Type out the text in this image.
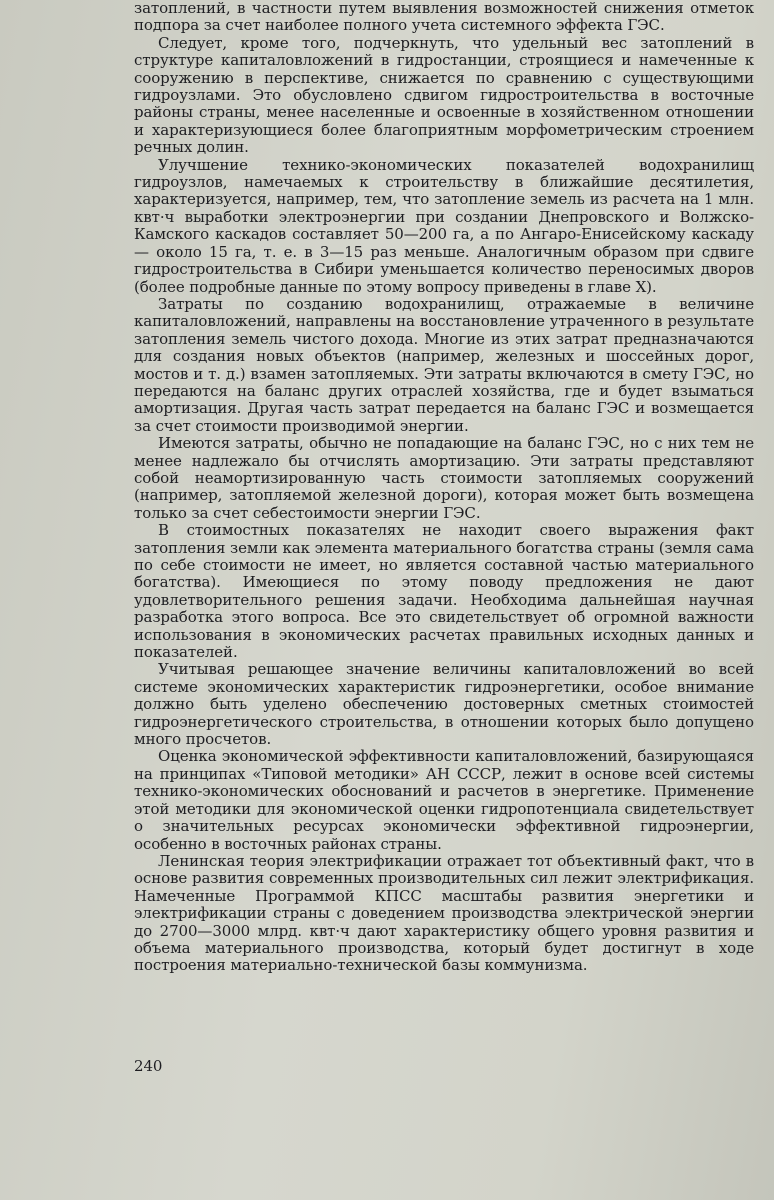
затоплений, в частности путем выявления возможностей снижения отметок подпора за счет наиболее полного учета системного эффекта ГЭС.

Следует, кроме того, подчеркнуть, что удельный вес затоплений в структуре капиталовложений в гидростанции, строящиеся и намеченные к сооружению в перспективе, снижается по сравнению с существующими гидроузлами. Это обусловлено сдвигом гидростроительства в восточные районы страны, менее населенные и освоенные в хозяйственном отношении и характеризующиеся более благоприятным морфометрическим строением речных долин.

Улучшение технико-экономических показателей водохранилищ гидроузлов, намечаемых к строительству в ближайшие десятилетия, характеризуется, например, тем, что затопление земель из расчета на 1 млн. квт·ч выработки электроэнергии при создании Днепровского и Волжско-Камского каскадов составляет 50—200 га, а по Ангаро-Енисейскому каскаду — около 15 га, т. е. в 3—15 раз меньше. Аналогичным образом при сдвиге гидростроительства в Сибири уменьшается количество переносимых дворов (более подробные данные по этому вопросу приведены в главе X).

Затраты по созданию водохранилищ, отражаемые в величине капиталовложений, направлены на восстановление утраченного в результате затопления земель чистого дохода. Многие из этих затрат предназначаются для создания новых объектов (например, железных и шоссейных дорог, мостов и т. д.) взамен затопляемых. Эти затраты включаются в смету ГЭС, но передаются на баланс других отраслей хозяйства, где и будет взыматься амортизация. Другая часть затрат передается на баланс ГЭС и возмещается за счет стоимости производимой энергии.

Имеются затраты, обычно не попадающие на баланс ГЭС, но с них тем не менее надлежало бы отчислять амортизацию. Эти затраты представляют собой неамортизированную часть стоимости затопляемых сооружений (например, затопляемой железной дороги), которая может быть возмещена только за счет себестоимости энергии ГЭС.

В стоимостных показателях не находит своего выражения факт затопления земли как элемента материального богатства страны (земля сама по себе стоимости не имеет, но является составной частью материального богатства). Имеющиеся по этому поводу предложения не дают удовлетворительного решения задачи. Необходима дальнейшая научная разработка этого вопроса. Все это свидетельствует об огромной важности использования в экономических расчетах правильных исходных данных и показателей.

Учитывая решающее значение величины капиталовложений во всей системе экономических характеристик гидроэнергетики, особое внимание должно быть уделено обеспечению достоверных сметных стоимостей гидроэнергетического строительства, в отношении которых было допущено много просчетов.

Оценка экономической эффективности капиталовложений, базирующаяся на принципах «Типовой методики» АН СССР, лежит в основе всей системы технико-экономических обоснований и расчетов в энергетике. Применение этой методики для экономической оценки гидропотенциала свидетельствует о значительных ресурсах экономически эффективной гидроэнергии, особенно в восточных районах страны.

Ленинская теория электрификации отражает тот объективный факт, что в основе развития современных производительных сил лежит электрификация. Намеченные Программой КПСС масштабы развития энергетики и электрификации страны с доведением производства электрической энергии до 2700—3000 млрд. квт·ч дают характеристику общего уровня развития и объема материального производства, который будет достигнут в ходе построения материально-технической базы коммунизма.

240
